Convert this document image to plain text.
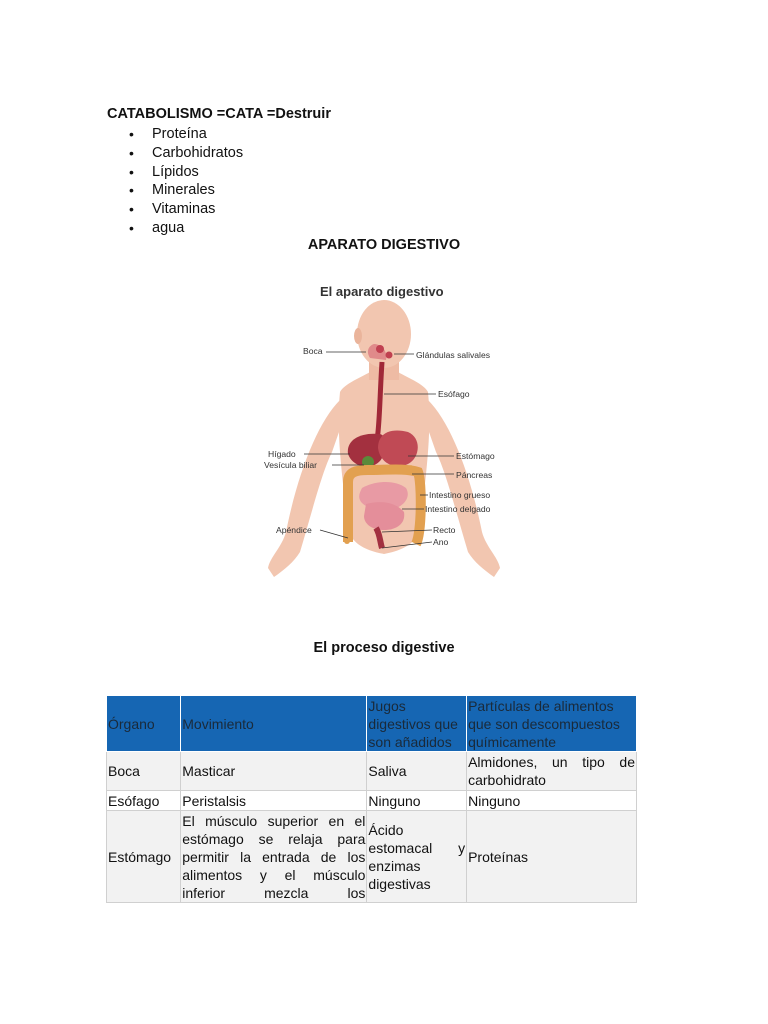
CATABOLISMO =CATA =Destruir

• Proteína
• Carbohidratos
• Lípidos
• Minerales
• Vitaminas
• agua

APARATO DIGESTIVO

El aparato digestivo
Boca	Glándulas salivales
Esófago
Hígado
Vesícula biliar
Estómago
Páncreas
Intestino grueso
Intestino delgado
Apéndice	Recto
Ano

El proceso digestive

Órgano	Movimiento	Jugos digestivos que son añadidos	Partículas de alimentos que son descompuestos químicamente
Boca	Masticar	Saliva	Almidones, un tipo de carbohidrato
Esófago	Peristalsis	Ninguno	Ninguno
Estómago	El músculo superior en el estómago se relaja para permitir la entrada de los alimentos y el músculo inferior mezcla los	Ácido estomacal y enzimas digestivas	Proteínas
